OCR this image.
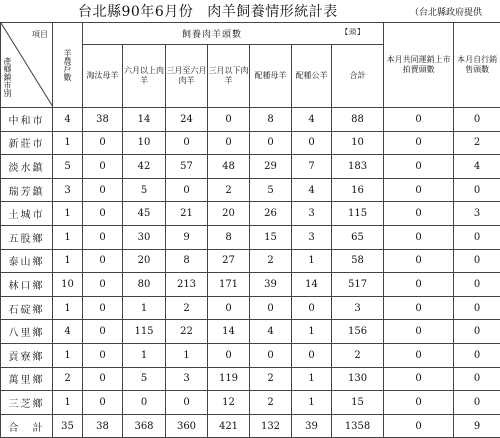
台北縣90年6月份 肉羊飼養情形統計表	（台北縣政府提供
項目
產鄉鎮市別	羊農戶數	飼養肉羊頭數 【頭】							本月共同運銷上市拍賣頭數	本月自行銷售頭數
		淘汰母羊	六月以上肉羊	三月至六月肉羊	三月以下肉羊	配種母羊	配種公羊	合計		
中和市	4	38	14	24	0	8	4	88	0	0
新莊市	1	0	10	0	0	0	0	10	0	2
淡水鎮	5	0	42	57	48	29	7	183	0	4
瑞芳鎮	3	0	5	0	2	5	4	16	0	0
土城市	1	0	45	21	20	26	3	115	0	3
五股鄉	1	0	30	9	8	15	3	65	0	0
泰山鄉	1	0	20	8	27	2	1	58	0	0
林口鄉	10	0	80	213	171	39	14	517	0	0
石碇鄉	1	0	1	2	0	0	0	3	0	0
八里鄉	4	0	115	22	14	4	1	156	0	0
貢寮鄉	1	0	1	1	0	0	0	2	0	0
萬里鄉	2	0	5	3	119	2	1	130	0	0
三芝鄉	1	0	0	0	12	2	1	15	0	0
合　計	35	38	368	360	421	132	39	1358	0	9
